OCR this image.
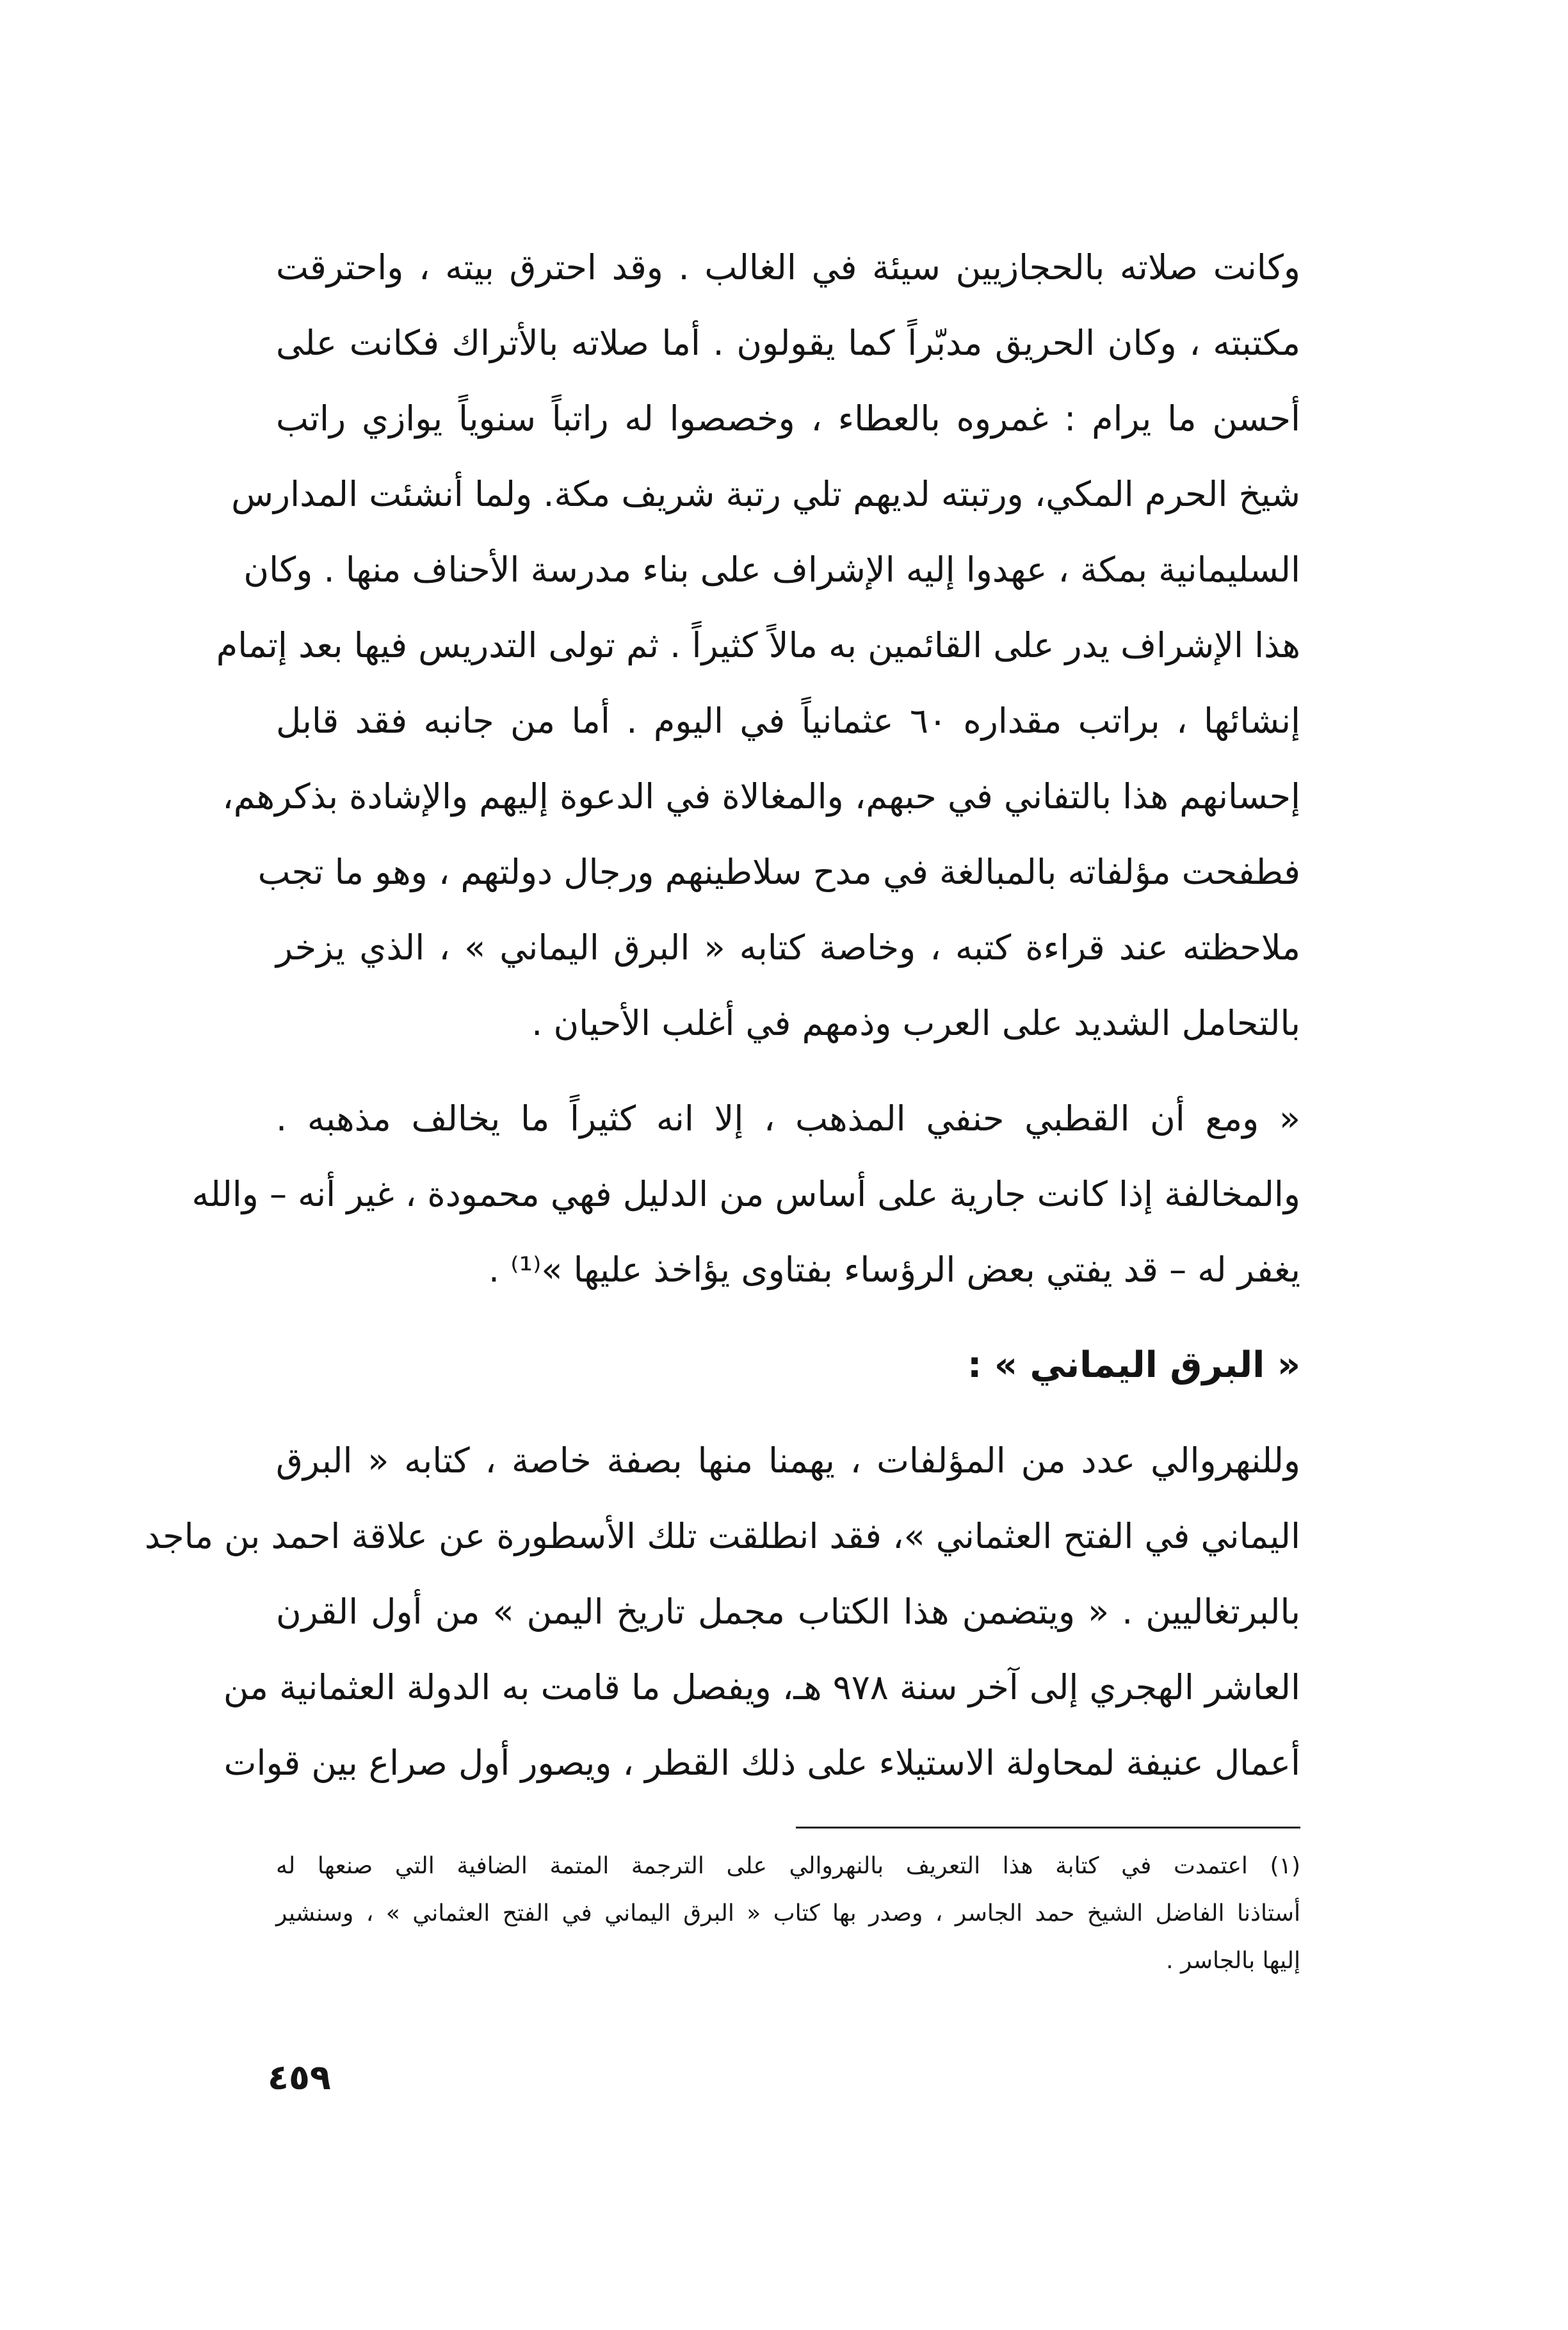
وكانت صلاته بالحجازيين سيئة في الغالب . وقد احترق بيته ، واحترقت
مكتبته ، وكان الحريق مدبّراً كما يقولون . أما صلاته بالأتراك فكانت على
أحسن ما يرام : غمروه بالعطاء ، وخصصوا له راتباً سنوياً يوازي راتب
شيخ الحرم المكي، ورتبته لديهم تلي رتبة شريف مكة. ولما أنشئت المدارس
السليمانية بمكة ، عهدوا إليه الإشراف على بناء مدرسة الأحناف منها . وكان
هذا الإشراف يدر على القائمين به مالاً كثيراً . ثم تولى التدريس فيها بعد إتمام
إنشائها ، براتب مقداره ٦٠ عثمانياً في اليوم . أما من جانبه فقد قابل
إحسانهم هذا بالتفاني في حبهم، والمغالاة في الدعوة إليهم والإشادة بذكرهم،
فطفحت مؤلفاته بالمبالغة في مدح سلاطينهم ورجال دولتهم ، وهو ما تجب
ملاحظته عند قراءة كتبه ، وخاصة كتابه « البرق اليماني » ، الذي يزخر
بالتحامل الشديد على العرب وذمهم في أغلب الأحيان .
« ومع أن القطبي حنفي المذهب ، إلا انه كثيراً ما يخالف مذهبه .
والمخالفة إذا كانت جارية على أساس من الدليل فهي محمودة ، غير أنه – والله
يغفر له – قد يفتي بعض الرؤساء بفتاوى يؤاخذ عليها »⁽¹⁾ .
« البرق اليماني » :
وللنهروالي عدد من المؤلفات ، يهمنا منها بصفة خاصة ، كتابه « البرق
اليماني في الفتح العثماني »، فقد انطلقت تلك الأسطورة عن علاقة احمد بن ماجد
بالبرتغاليين . « ويتضمن هذا الكتاب مجمل تاريخ اليمن » من أول القرن
العاشر الهجري إلى آخر سنة ٩٧٨ هـ، ويفصل ما قامت به الدولة العثمانية من
أعمال عنيفة لمحاولة الاستيلاء على ذلك القطر ، ويصور أول صراع بين قوات
(١) اعتمدت في كتابة هذا التعريف بالنهروالي على الترجمة المتمة الضافية التي صنعها له
أستاذنا الفاضل الشيخ حمد الجاسر ، وصدر بها كتاب « البرق اليماني في الفتح العثماني » ، وسنشير
إليها بالجاسر .
٤٥٩
